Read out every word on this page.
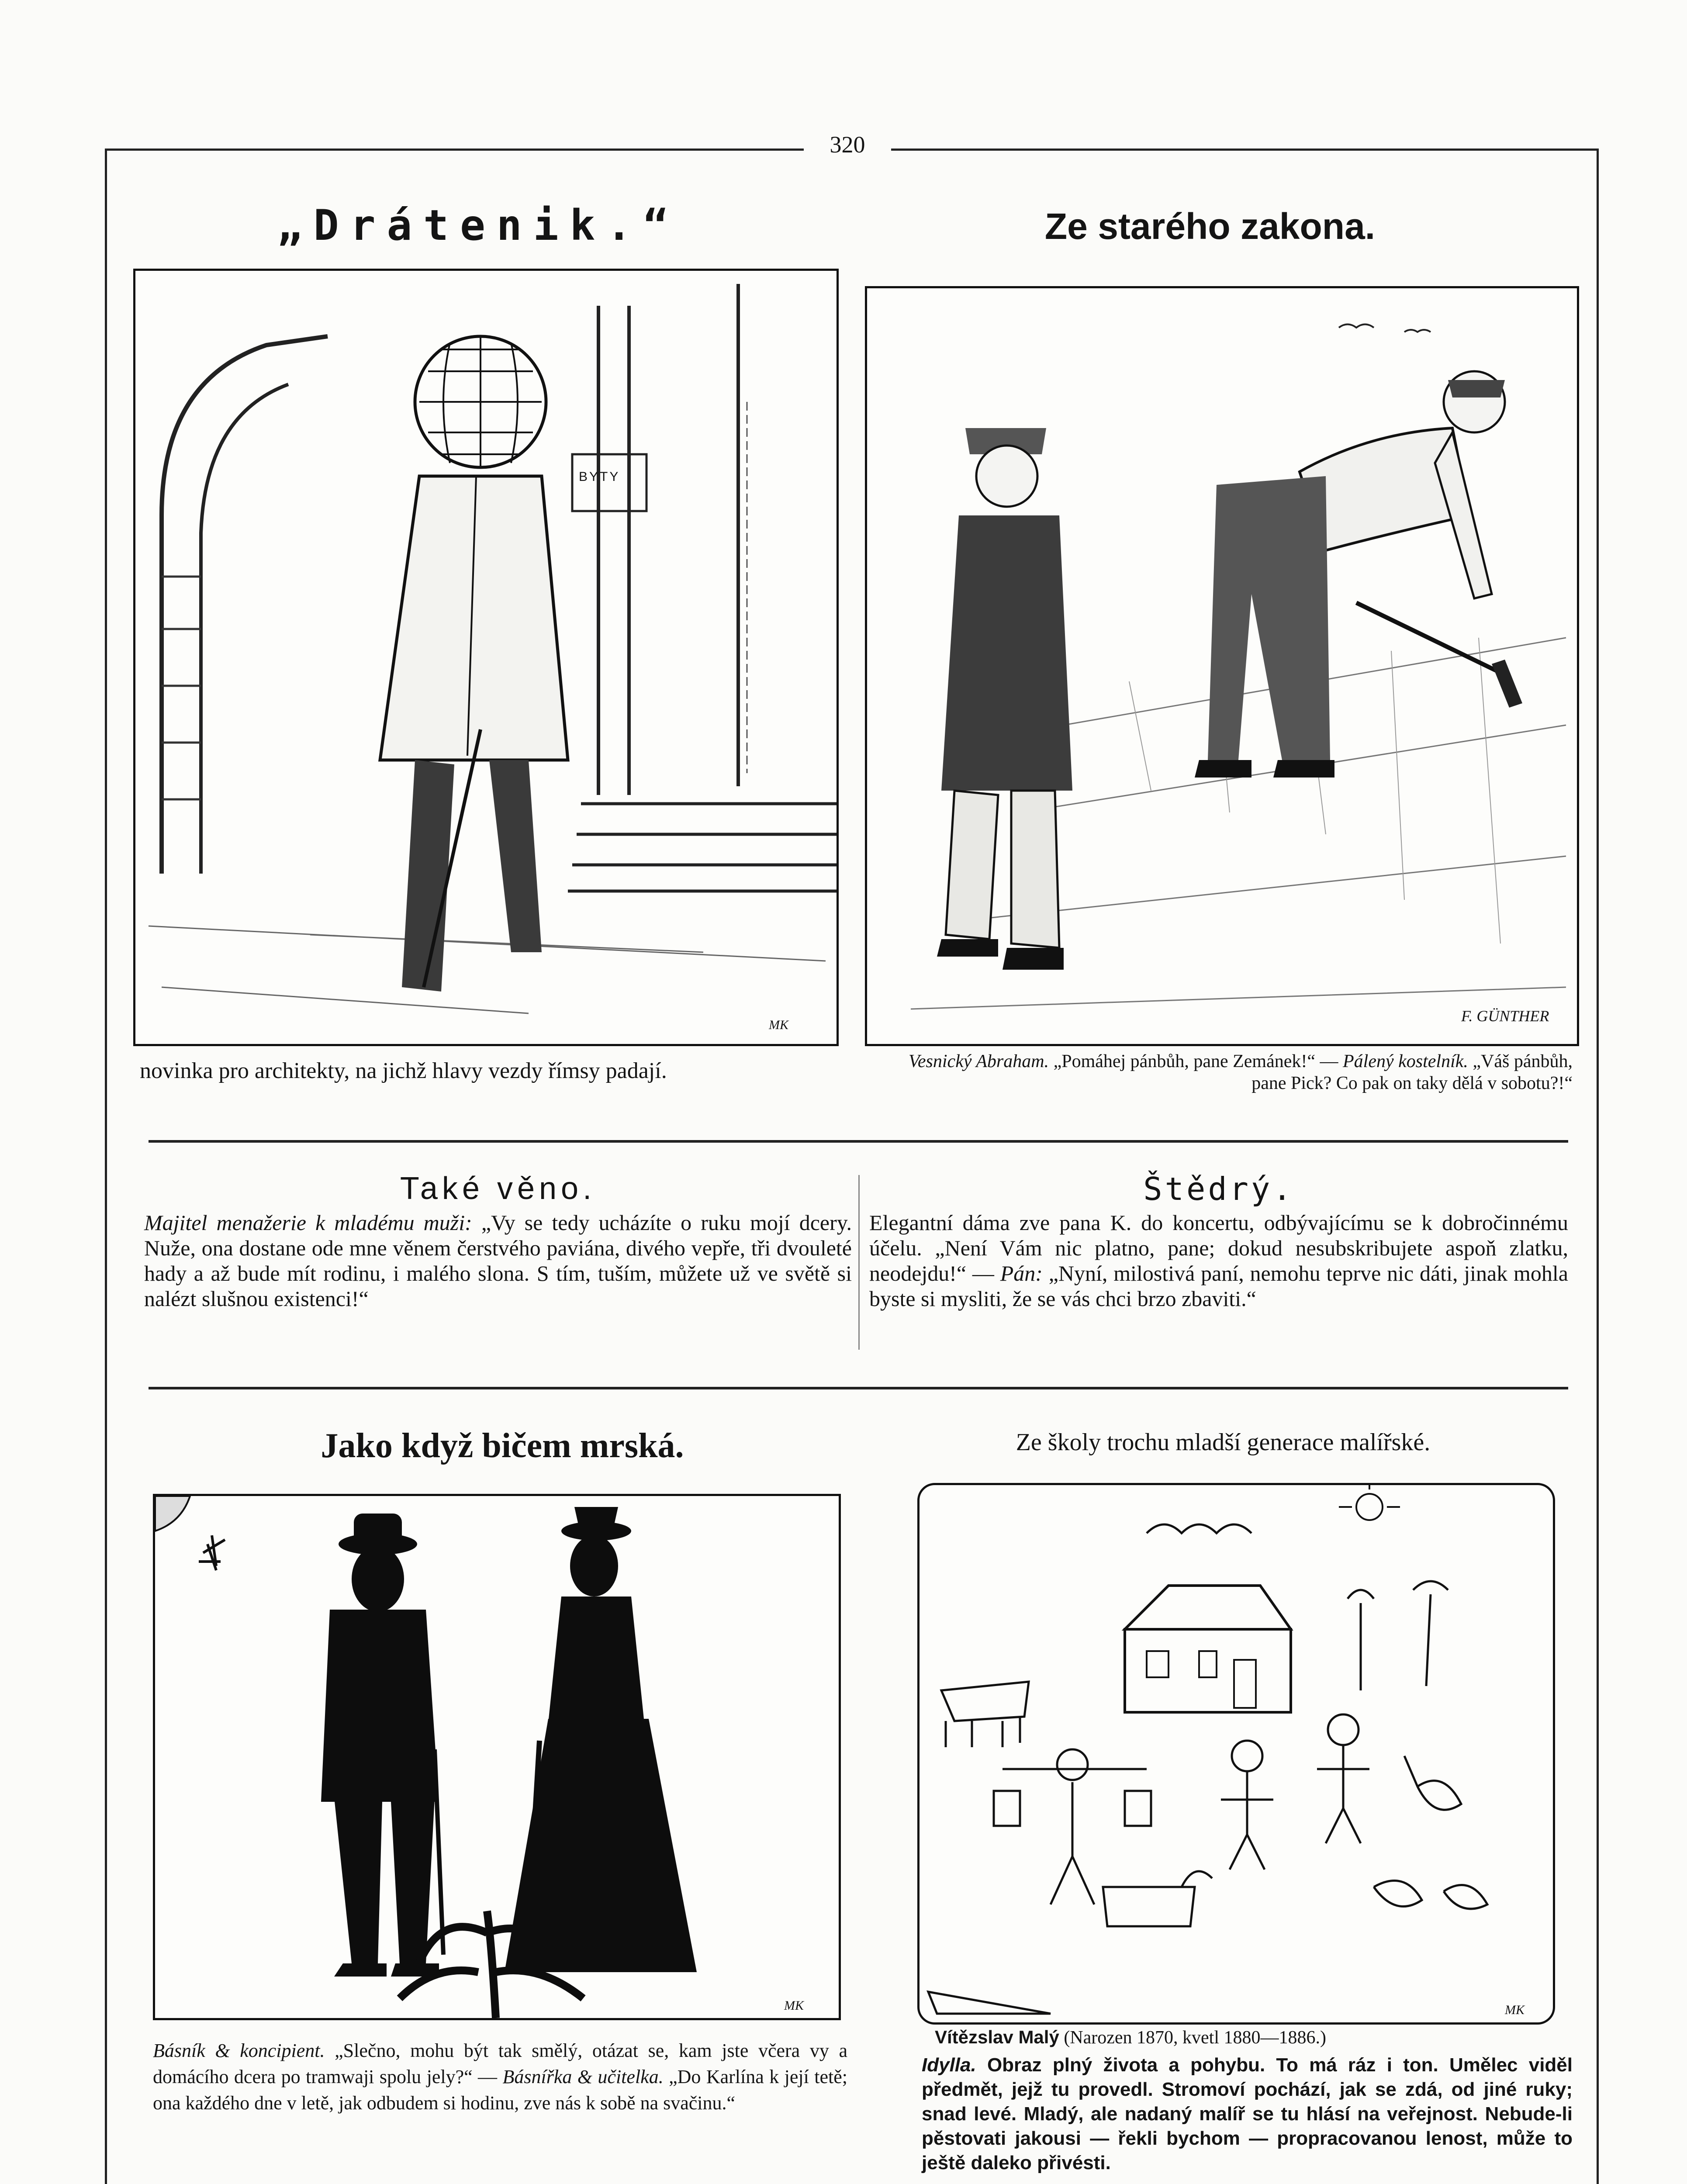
320
„Drátenik.“
MK
BYTY
novinka pro architekty, na jichž hlavy vezdy římsy padají.
Ze starého zakona.
F. GÜNTHER
Vesnický Abraham. „Pomáhej pánbůh, pane Zemánek!“ — Pálený kostelník. „Váš pánbůh, pane Pick? Co pak on taky dělá v sobotu?!“
Také věno.
Majitel menažerie k mladému muži: „Vy se tedy ucházíte o ruku mojí dcery. Nuže, ona dostane ode mne věnem čerstvého paviána, divého vepře, tři dvouleté hady a až bude mít rodinu, i malého slona. S tím, tuším, můžete už ve světě si nalézt slušnou existenci!“
Štědrý.
Elegantní dáma zve pana K. do koncertu, odbývajícímu se k dobročinnému účelu. „Není Vám nic platno, pane; dokud nesubskribujete aspoň zlatku, neodejdu!“ — Pán: „Nyní, milostivá paní, nemohu teprve nic dáti, jinak mohla byste si mysliti, že se vás chci brzo zbaviti.“
Jako když bičem mrská.
MK
Básník & koncipient. „Slečno, mohu být tak smělý, otázat se, kam jste včera vy a domácího dcera po tramwaji spolu jely?“ — Básnířka & učitelka. „Do Karlína k její tetě; ona každého dne v letě, jak odbudem si hodinu, zve nás k sobě na svačinu.“
Ze školy trochu mladší generace malířské.
MK
Vítězslav Malý (Narozen 1870, kvetl 1880—1886.)
Idylla. Obraz plný života a pohybu. To má ráz i ton. Umělec viděl předmět, jejž tu provedl. Stromoví pochází, jak se zdá, od jiné ruky; snad levé. Mladý, ale nadaný malíř se tu hlásí na veřejnost. Nebude-li pěstovati jakousi — řekli bychom — propracovanou lenost, může to ještě daleko přivésti.
